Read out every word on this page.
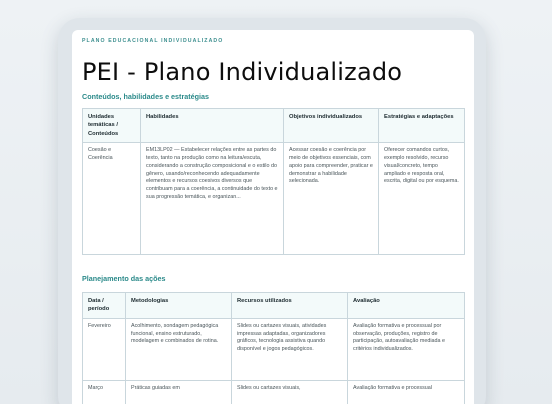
PLANO EDUCACIONAL INDIVIDUALIZADO
PEI - Plano Individualizado
Conteúdos, habilidades e estratégias
Unidades temáticas / Conteúdos	Habilidades	Objetivos individualizados	Estratégias e adaptações
Coesão e Coerência	EM13LP02 — Estabelecer relações entre as partes do texto, tanto na produção como na leitura/escuta, considerando a construção composicional e o estilo do gênero, usando/reconhecendo adequadamente elementos e recursos coesivos diversos que contribuam para a coerência, a continuidade do texto e sua progressão temática, e organizan...	Acessar coesão e coerência por meio de objetivos essenciais, com apoio para compreender, praticar e demonstrar a habilidade selecionada.	Oferecer comandos curtos, exemplo resolvido, recurso visual/concreto, tempo ampliado e resposta oral, escrita, digital ou por esquema.
Planejamento das ações
Data / período	Metodologias	Recursos utilizados	Avaliação
Fevereiro	Acolhimento, sondagem pedagógica funcional, ensino estruturado, modelagem e combinados de rotina.	Slides ou cartazes visuais, atividades impressas adaptadas, organizadores gráficos, tecnologia assistiva quando disponível e jogos pedagógicos.	Avaliação formativa e processual por observação, produções, registro de participação, autoavaliação mediada e critérios individualizados.
Março	Práticas guiadas em	Slides ou cartazes visuais,	Avaliação formativa e processual
